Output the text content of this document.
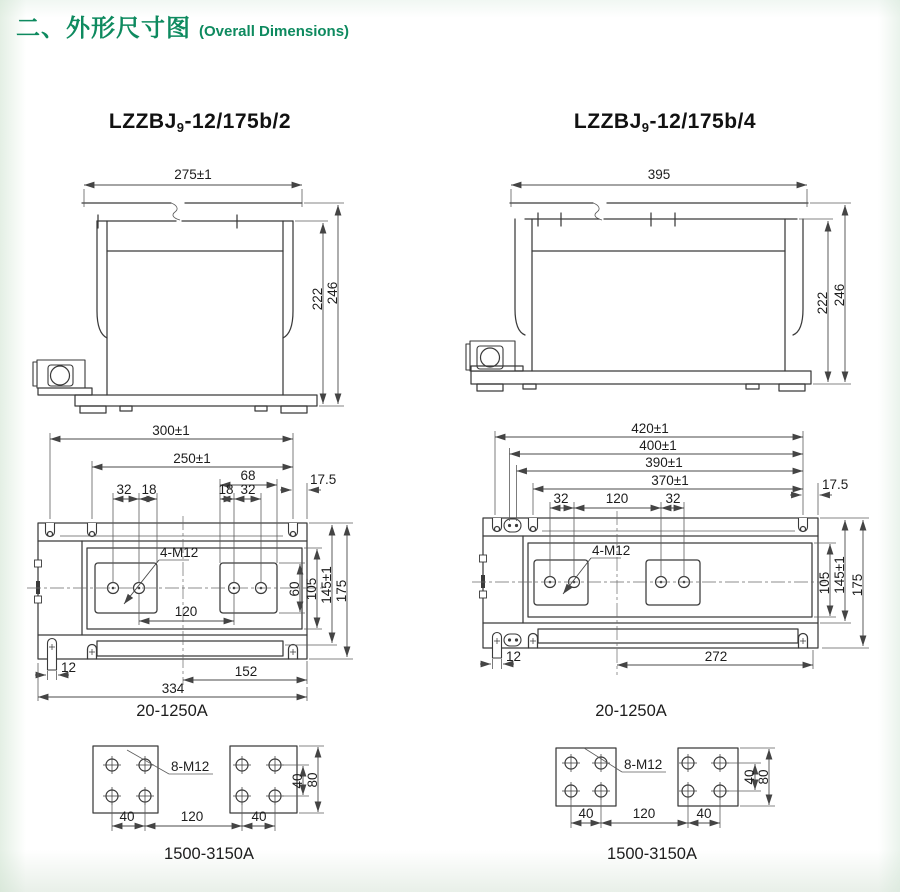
二、外形尺寸图 (Overall Dimensions)
$LZZBJ_9-12/175b/2$	$LZZBJ_9-12/175b/4$
275±1
222 246
395
222 246
300±1
250±1
68	17.5
32 18	18 32
4-M12
60 105 145±1 175
120
12	152
334
20-1250A
420±1
400±1
390±1
370±1	17.5
32	120	32
4-M12
105 145±1 175
12	272
20-1250A
8-M12
40	120	40
40 80
1500-3150A
8-M12
40	120	40
40 80
1500-3150A
